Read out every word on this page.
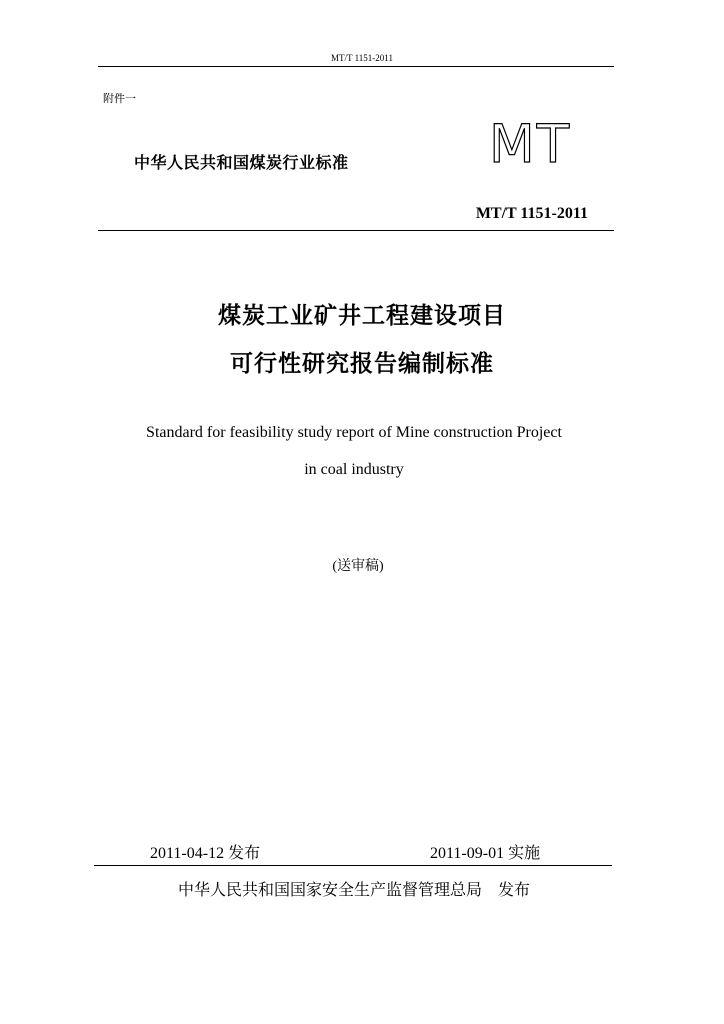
MT/T 1151-2011
附件一
中华人民共和国煤炭行业标准	MT
MT/T 1151-2011
煤炭工业矿井工程建设项目
可行性研究报告编制标准
Standard for feasibility study report of Mine construction Project
in coal industry
(送审稿)
2011-04-12 发布	2011-09-01 实施
中华人民共和国国家安全生产监督管理总局　发布
